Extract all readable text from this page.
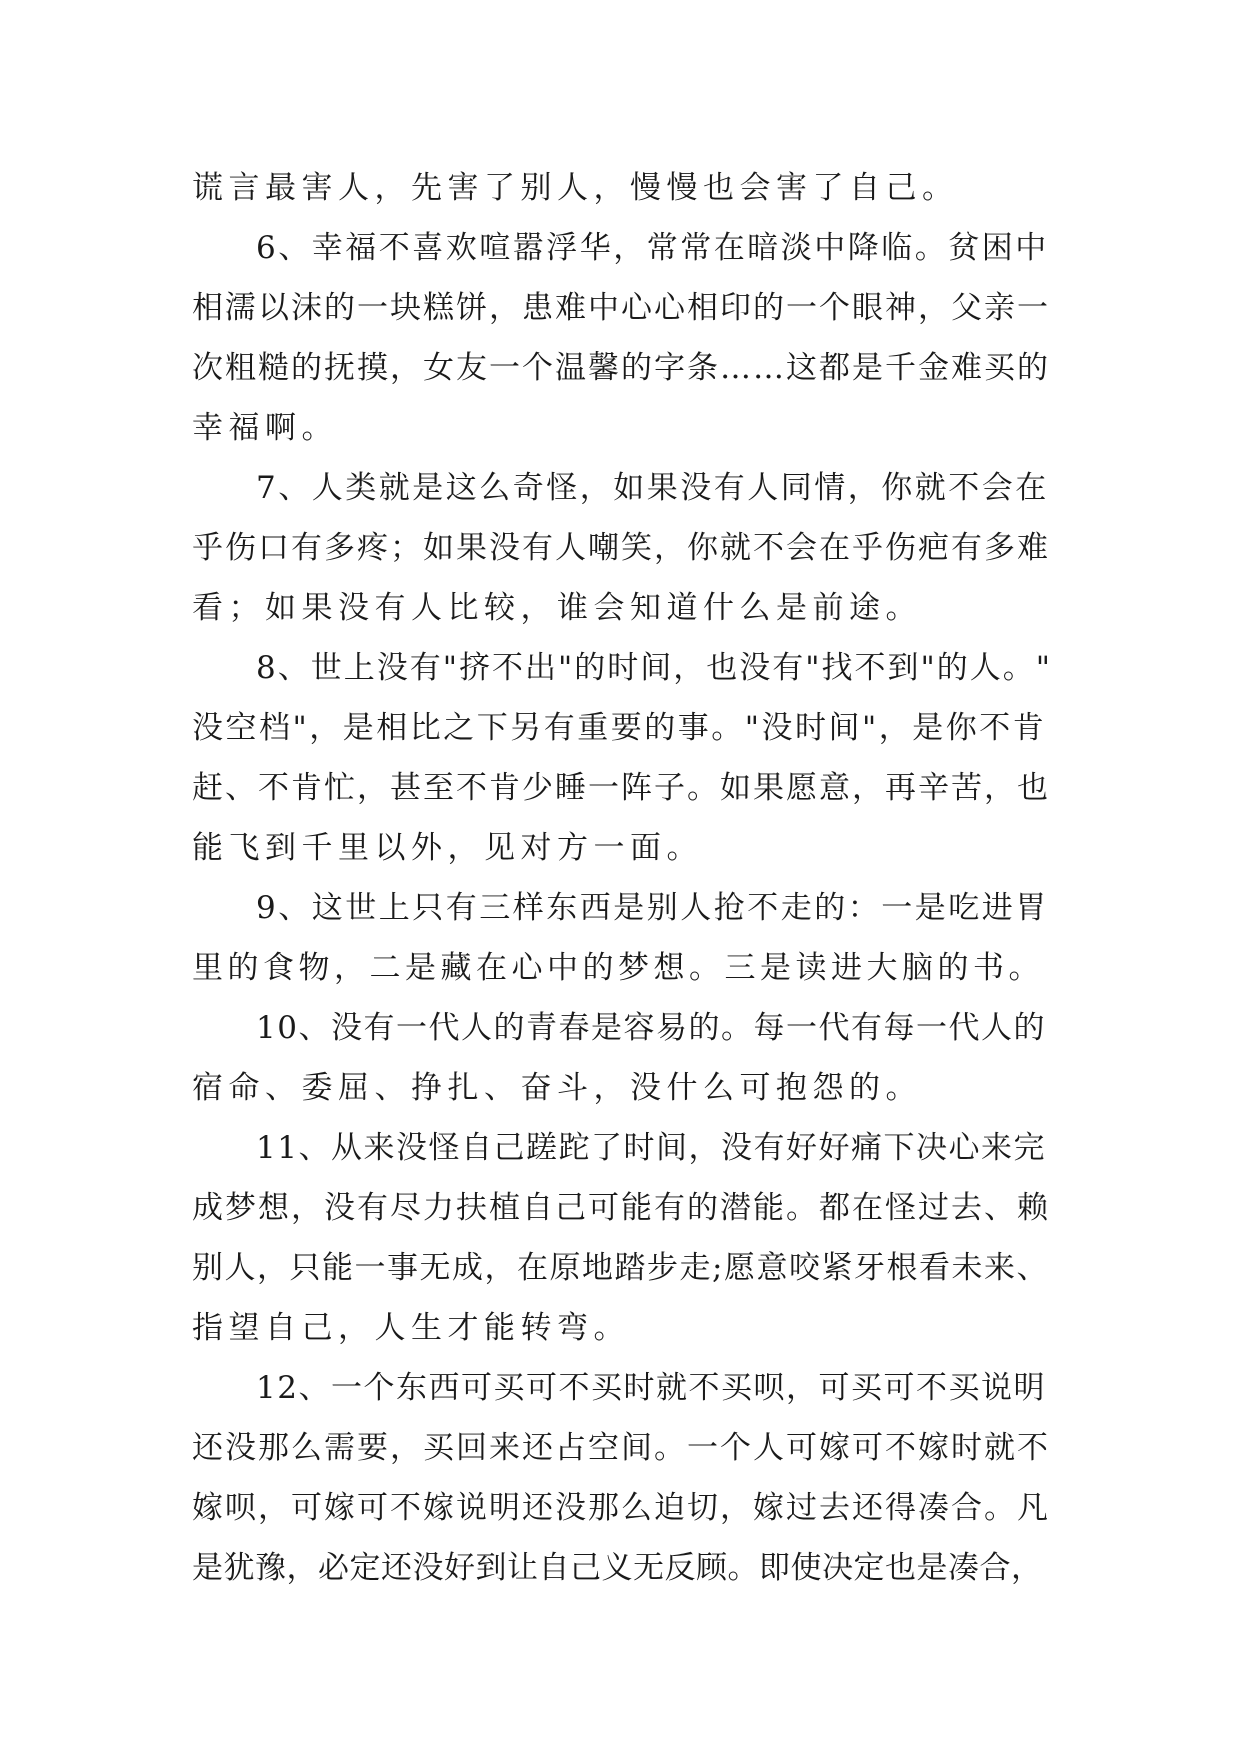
谎言最害人，先害了别人，慢慢也会害了自己。
6、幸福不喜欢喧嚣浮华，常常在暗淡中降临。贫困中
相濡以沫的一块糕饼，患难中心心相印的一个眼神，父亲一
次粗糙的抚摸，女友一个温馨的字条……这都是千金难买的
幸福啊。
7、人类就是这么奇怪，如果没有人同情，你就不会在
乎伤口有多疼；如果没有人嘲笑，你就不会在乎伤疤有多难
看；如果没有人比较，谁会知道什么是前途。
8、世上没有"挤不出"的时间，也没有"找不到"的人。"
没空档"，是相比之下另有重要的事。"没时间"，是你不肯
赶、不肯忙，甚至不肯少睡一阵子。如果愿意，再辛苦，也
能飞到千里以外，见对方一面。
9、这世上只有三样东西是别人抢不走的：一是吃进胃
里的食物，二是藏在心中的梦想。三是读进大脑的书。
10、没有一代人的青春是容易的。每一代有每一代人的
宿命、委屈、挣扎、奋斗，没什么可抱怨的。
11、从来没怪自己蹉跎了时间，没有好好痛下决心来完
成梦想，没有尽力扶植自己可能有的潜能。都在怪过去、赖
别人，只能一事无成，在原地踏步走;愿意咬紧牙根看未来、
指望自己，人生才能转弯。
12、一个东西可买可不买时就不买呗，可买可不买说明
还没那么需要，买回来还占空间。一个人可嫁可不嫁时就不
嫁呗，可嫁可不嫁说明还没那么迫切，嫁过去还得凑合。凡
是犹豫，必定还没好到让自己义无反顾。即使决定也是凑合，
